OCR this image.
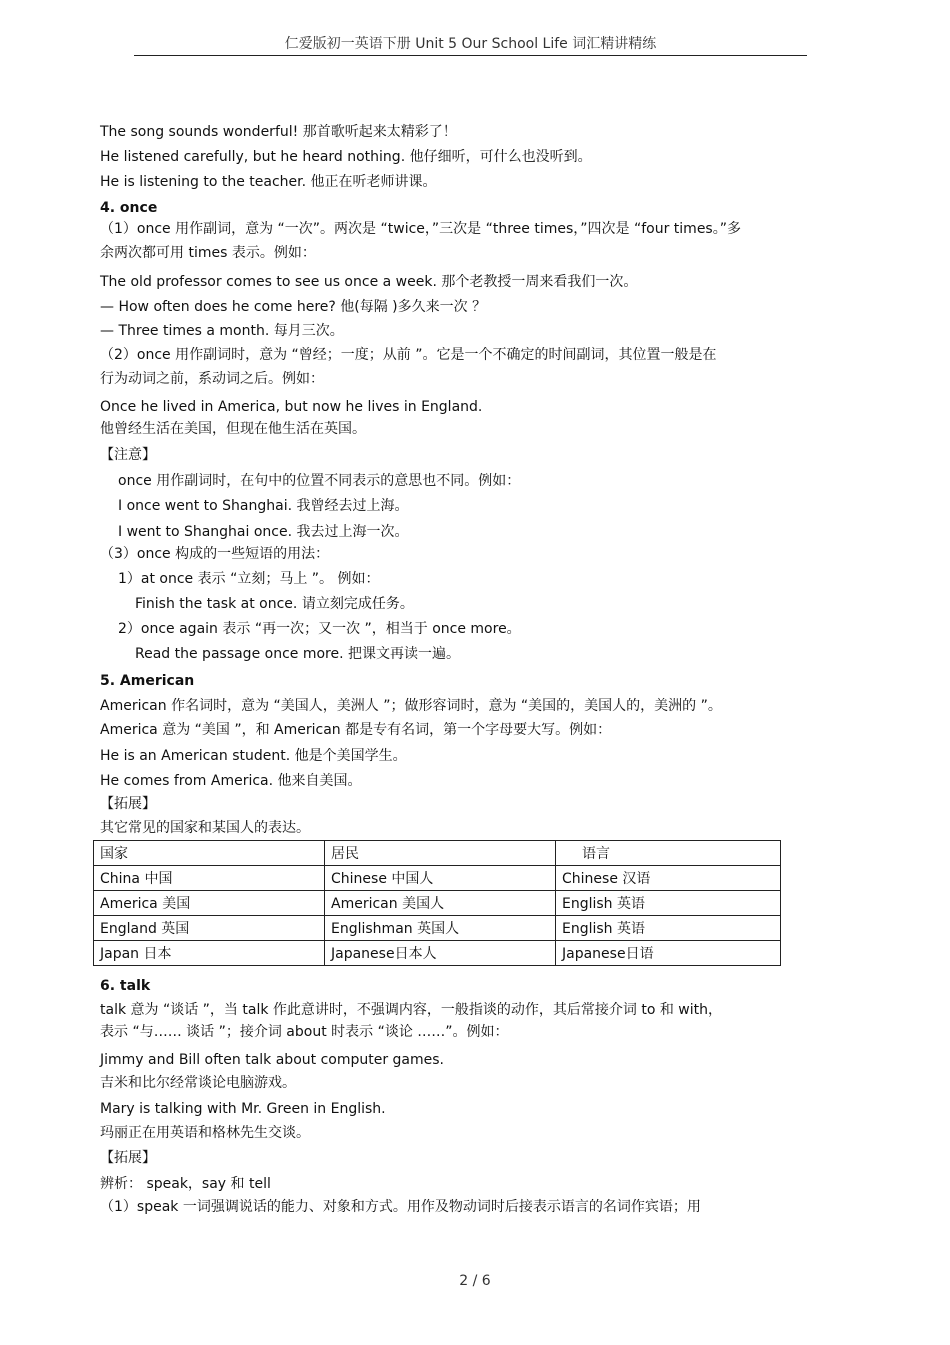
仁爱版初一英语下册 Unit 5 Our School Life 词汇精讲精练
The song sounds wonderful! 那首歌听起来太精彩了！
He listened carefully, but he heard nothing. 他仔细听，可什么也没听到。
He is listening to the teacher. 他正在听老师讲课。
4. once
（1）once 用作副词，意为 “一次”。两次是 “twice，”三次是 “three times，”四次是 “four times。”多
余两次都可用 times 表示。例如：
The old professor comes to see us once a week. 那个老教授一周来看我们一次。
— How often does he come here? 他(每隔 )多久来一次 ？
— Three times a month. 每月三次。
（2）once 用作副词时，意为 “曾经；一度；从前 ”。它是一个不确定的时间副词，其位置一般是在
行为动词之前，系动词之后。例如：
Once he lived in America, but now he lives in England.
他曾经生活在美国，但现在他生活在英国。
【注意】
once 用作副词时，在句中的位置不同表示的意思也不同。例如：
I once went to Shanghai. 我曾经去过上海。
I went to Shanghai once. 我去过上海一次。
（3）once 构成的一些短语的用法：
1）at once 表示 “立刻；马上 ”。 例如：
Finish the task at once. 请立刻完成任务。
2）once again 表示 “再一次；又一次 ”，相当于 once more。
Read the passage once more. 把课文再读一遍。
5. American
American 作名词时，意为 “美国人，美洲人 ”；做形容词时，意为 “美国的，美国人的，美洲的 ”。
America 意为 “美国 ”，和 American 都是专有名词，第一个字母要大写。例如：
He is an American student. 他是个美国学生。
He comes from America. 他来自美国。
【拓展】
其它常见的国家和某国人的表达。
国家	居民	语言
China 中国	Chinese 中国人	Chinese 汉语
America 美国	American 美国人	English 英语
England 英国	Englishman 英国人	English 英语
Japan 日本	Japanese日本人	Japanese日语
6. talk
talk 意为 “谈话 ”，当 talk 作此意讲时，不强调内容，一般指谈的动作，其后常接介词 to 和 with，
表示 “与…… 谈话 ”；接介词 about 时表示 “谈论 ……”。例如：
Jimmy and Bill often talk about computer games.
吉米和比尔经常谈论电脑游戏。
Mary is talking with Mr. Green in English.
玛丽正在用英语和格林先生交谈。
【拓展】
辨析： speak，say 和 tell
（1）speak 一词强调说话的能力、对象和方式。用作及物动词时后接表示语言的名词作宾语；用
2 / 6
